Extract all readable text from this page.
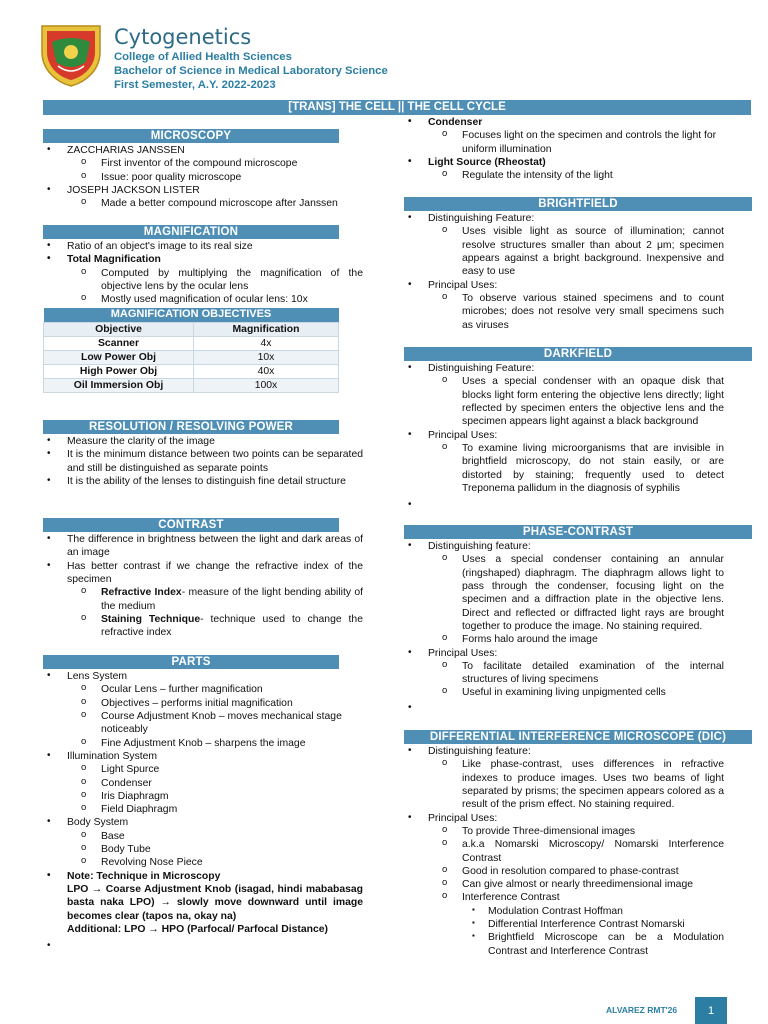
Cytogenetics
College of Allied Health Sciences
Bachelor of Science in Medical Laboratory Science
First Semester, A.Y. 2022-2023
[TRANS] THE CELL || THE CELL CYCLE
MICROSCOPY
• ZACCHARIAS JANSSEN
o First inventor of the compound microscope
o Issue: poor quality microscope
• JOSEPH JACKSON LISTER
o Made a better compound microscope after Janssen
MAGNIFICATION
• Ratio of an object's image to its real size
• Total Magnification
o Computed by multiplying the magnification of the objective lens by the ocular lens
o Mostly used magnification of ocular lens: 10x
MAGNIFICATION OBJECTIVES	
Objective	Magnification
Scanner	4x
Low Power Obj	10x
High Power Obj	40x
Oil Immersion Obj	100x
RESOLUTION / RESOLVING POWER
• Measure the clarity of the image
• It is the minimum distance between two points can be separated and still be distinguished as separate points
• It is the ability of the lenses to distinguish fine detail structure
CONTRAST
• The difference in brightness between the light and dark areas of an image
• Has better contrast if we change the refractive index of the specimen
o Refractive Index- measure of the light bending ability of the medium
o Staining Technique- technique used to change the refractive index
PARTS
• Lens System
o Ocular Lens – further magnification
o Objectives – performs initial magnification
o Course Adjustment Knob – moves mechanical stage noticeably
o Fine Adjustment Knob – sharpens the image
• Illumination System
o Light Spurce
o Condenser
o Iris Diaphragm
o Field Diaphragm
• Body System
o Base
o Body Tube
o Revolving Nose Piece
• Note: Technique in Microscopy
LPO → Coarse Adjustment Knob (isagad, hindi mababasag basta naka LPO) → slowly move downward until image becomes clear (tapos na, okay na)
Additional: LPO → HPO (Parfocal/ Parfocal Distance)
•
• Condenser
o Focuses light on the specimen and controls the light for uniform illumination
• Light Source (Rheostat)
o Regulate the intensity of the light
BRIGHTFIELD
• Distinguishing Feature:
o Uses visible light as source of illumination; cannot resolve structures smaller than about 2 μm; specimen appears against a bright background. Inexpensive and easy to use
• Principal Uses:
o To observe various stained specimens and to count microbes; does not resolve very small specimens such as viruses
DARKFIELD
• Distinguishing Feature:
o Uses a special condenser with an opaque disk that blocks light form entering the objective lens directly; light reflected by specimen enters the objective lens and the specimen appears light against a black background
• Principal Uses:
o To examine living microorganisms that are invisible in brightfield microscopy, do not stain easily, or are distorted by staining; frequently used to detect Treponema pallidum in the diagnosis of syphilis
•
PHASE-CONTRAST
• Distinguishing feature:
o Uses a special condenser containing an annular (ringshaped) diaphragm. The diaphragm allows light to pass through the condenser, focusing light on the specimen and a diffraction plate in the objective lens. Direct and reflected or diffracted light rays are brought together to produce the image. No staining required.
o Forms halo around the image
• Principal Uses:
o To facilitate detailed examination of the internal structures of living specimens
o Useful in examining living unpigmented cells
•
DIFFERENTIAL INTERFERENCE MICROSCOPE (DIC)
• Distinguishing feature:
o Like phase-contrast, uses differences in refractive indexes to produce images. Uses two beams of light separated by prisms; the specimen appears colored as a result of the prism effect. No staining required.
• Principal Uses:
o To provide Three-dimensional images
o a.k.a Nomarski Microscopy/ Nomarski Interference Contrast
o Good in resolution compared to phase-contrast
o Can give almost or nearly threedimensional image
o Interference Contrast
▪ Modulation Contrast Hoffman
▪ Differential Interference Contrast Nomarski
▪ Brightfield Microscope can be a Modulation Contrast and Interference Contrast
ALVAREZ RMT'26	1
